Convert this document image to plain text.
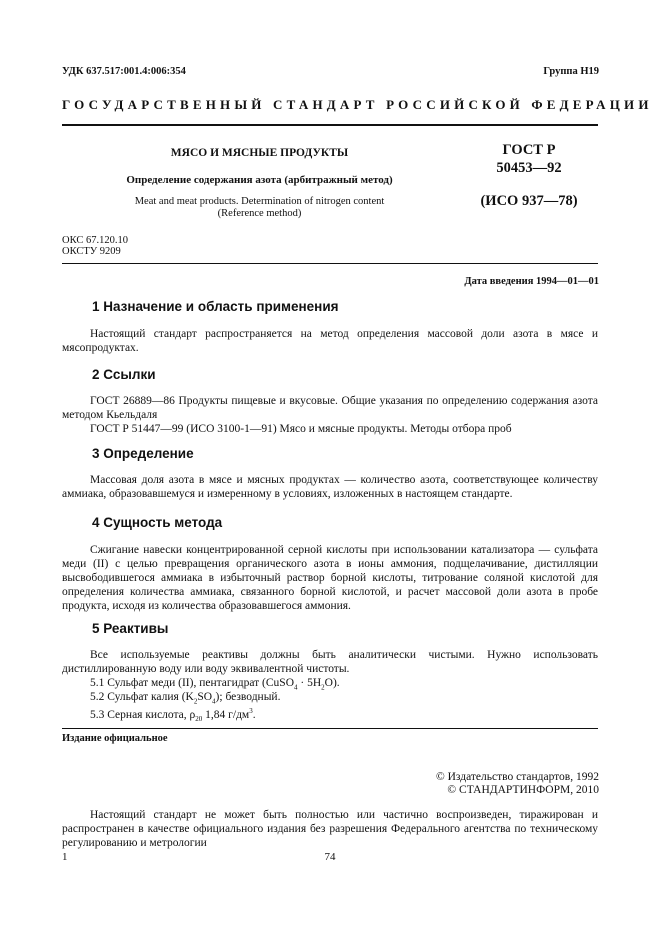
УДК 637.517:001.4:006:354	Группа Н19
ГОСУДАРСТВЕННЫЙ СТАНДАРТ РОССИЙСКОЙ ФЕДЕРАЦИИ
МЯСО И МЯСНЫЕ ПРОДУКТЫ
Определение содержания азота (арбитражный метод)
Meat and meat products. Determination of nitrogen content
(Reference method)
ГОСТ Р
50453—92
(ИСО 937—78)
ОКС 67.120.10
ОКСТУ 9209
Дата введения 1994—01—01
1 Назначение и область применения
Настоящий стандарт распространяется на метод определения массовой доли азота в мясе и мясопродуктах.
2 Ссылки
ГОСТ 26889—86 Продукты пищевые и вкусовые. Общие указания по определению содержания азота методом Кьельдаля
ГОСТ Р 51447—99 (ИСО 3100-1—91) Мясо и мясные продукты. Методы отбора проб
3 Определение
Массовая доля азота в мясе и мясных продуктах — количество азота, соответствующее количеству аммиака, образовавшемуся и измеренному в условиях, изложенных в настоящем стандарте.
4 Сущность метода
Сжигание навески концентрированной серной кислоты при использовании катализатора — сульфата меди (II) с целью превращения органического азота в ионы аммония, подщелачивание, дистилляции высвободившегося аммиака в избыточный раствор борной кислоты, титрование соляной кислотой для определения количества аммиака, связанного борной кислотой, и расчет массовой доли азота в пробе продукта, исходя из количества образовавшегося аммония.
5 Реактивы
Все используемые реактивы должны быть аналитически чистыми. Нужно использовать дистиллированную воду или воду эквивалентной чистоты.
5.1 Сульфат меди (II), пентагидрат (CuSO$_4$ · $5H_2O$).
5.2 Сульфат калия $(K_2SO_4)$; безводный.
5.3 Серная кислота, $\rho_{20}$ 1,84 $г/дм^3$.
Издание официальное
© Издательство стандартов, 1992
© СТАНДАРТИНФОРМ, 2010
Настоящий стандарт не может быть полностью или частично воспроизведен, тиражирован и распространен в качестве официального издания без разрешения Федерального агентства по техническому регулированию и метрологии
1	74
